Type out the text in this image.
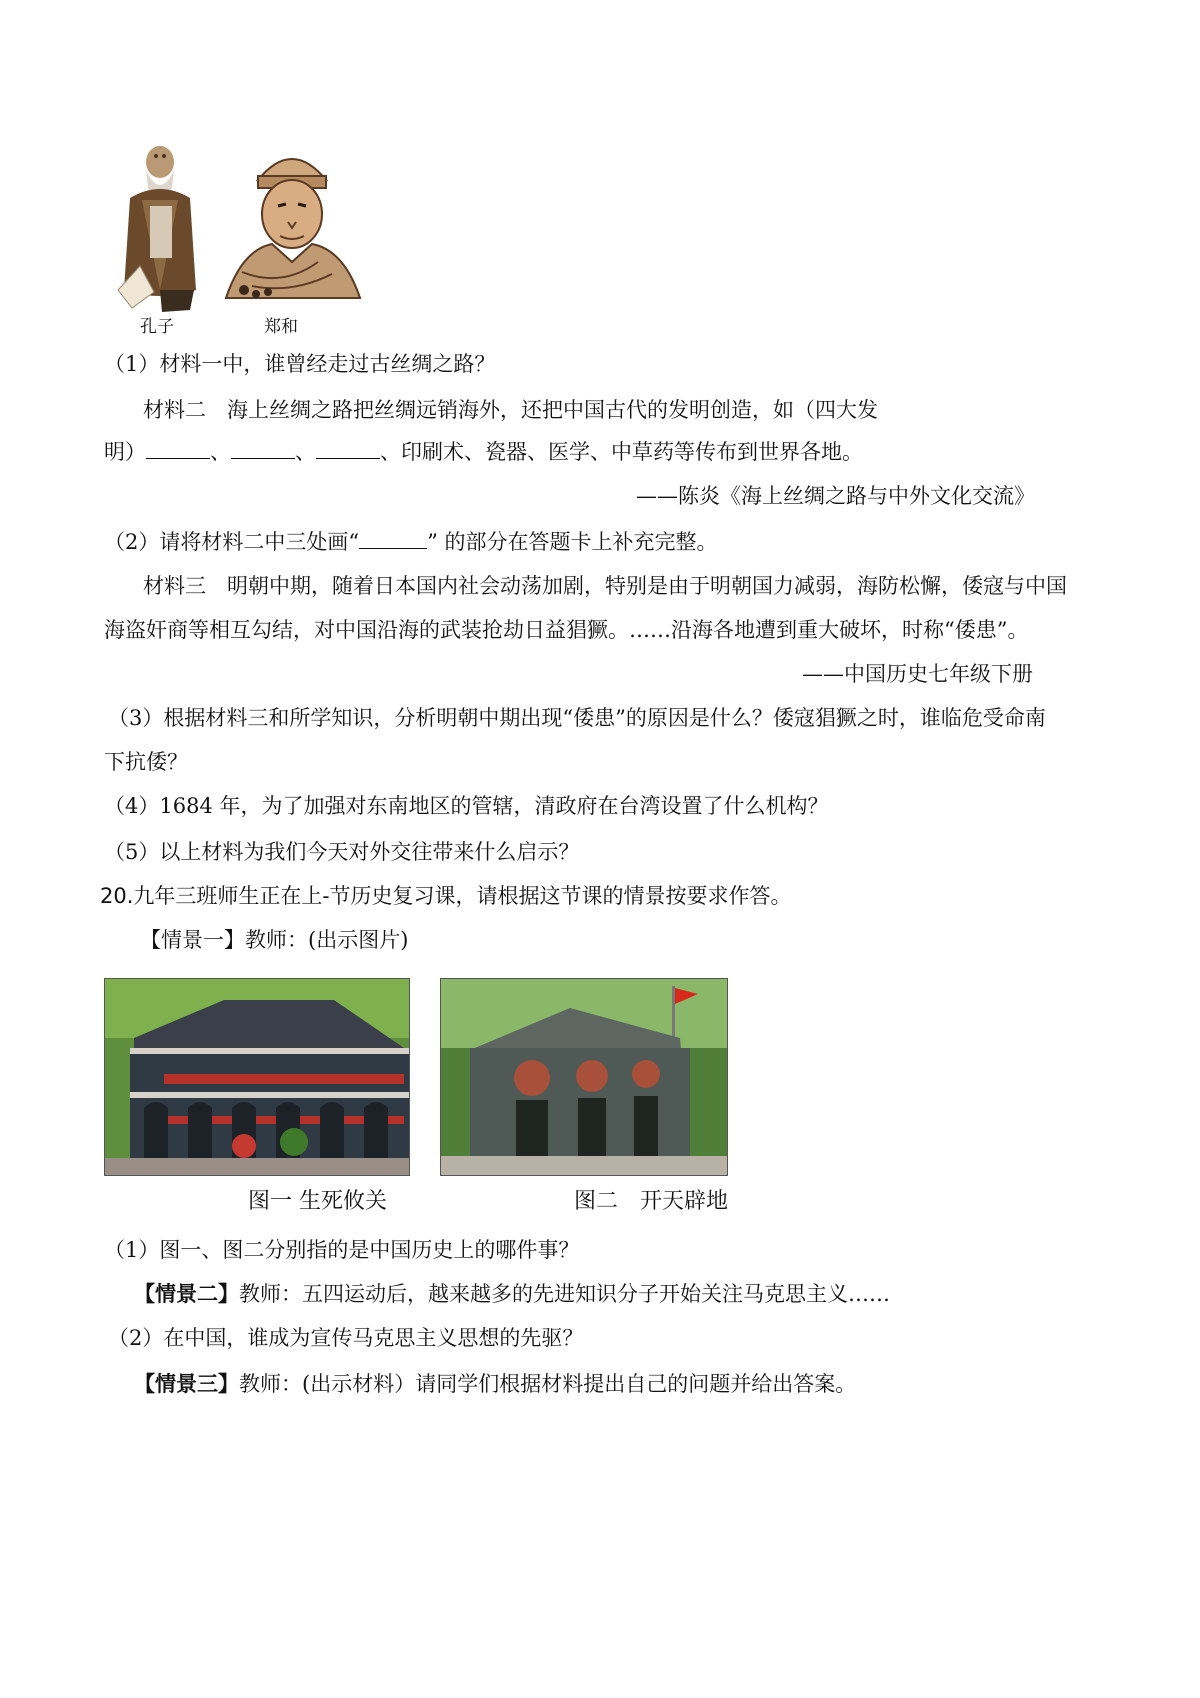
孔子	郑和
（1）材料一中，谁曾经走过古丝绸之路？
材料二　海上丝绸之路把丝绸远销海外，还把中国古代的发明创造，如（四大发
明）	、	、	、印刷术、瓷器、医学、中草药等传布到世界各地。
——陈炎《海上丝绸之路与中外文化交流》
（2）请将材料二中三处画“	” 的部分在答题卡上补充完整。
材料三　明朝中期，随着日本国内社会动荡加剧，特别是由于明朝国力减弱，海防松懈，倭寇与中国
海盗奸商等相互勾结，对中国沿海的武装抢劫日益猖獗。……沿海各地遭到重大破坏，时称“倭患”。
——中国历史七年级下册
（3）根据材料三和所学知识，分析明朝中期出现“倭患”的原因是什么？倭寇猖獗之时，谁临危受命南
下抗倭？
（4）1684 年，为了加强对东南地区的管辖，清政府在台湾设置了什么机构？
（5）以上材料为我们今天对外交往带来什么启示？
20.九年三班师生正在上-节历史复习课，请根据这节课的情景按要求作答。
【情景一】教师：(出示图片)
图一 生死攸关	图二　开天辟地
（1）图一、图二分别指的是中国历史上的哪件事？
【情景二】教师：五四运动后，越来越多的先进知识分子开始关注马克思主义……
（2）在中国，谁成为宣传马克思主义思想的先驱？
【情景三】教师：(出示材料）请同学们根据材料提出自己的问题并给出答案。
